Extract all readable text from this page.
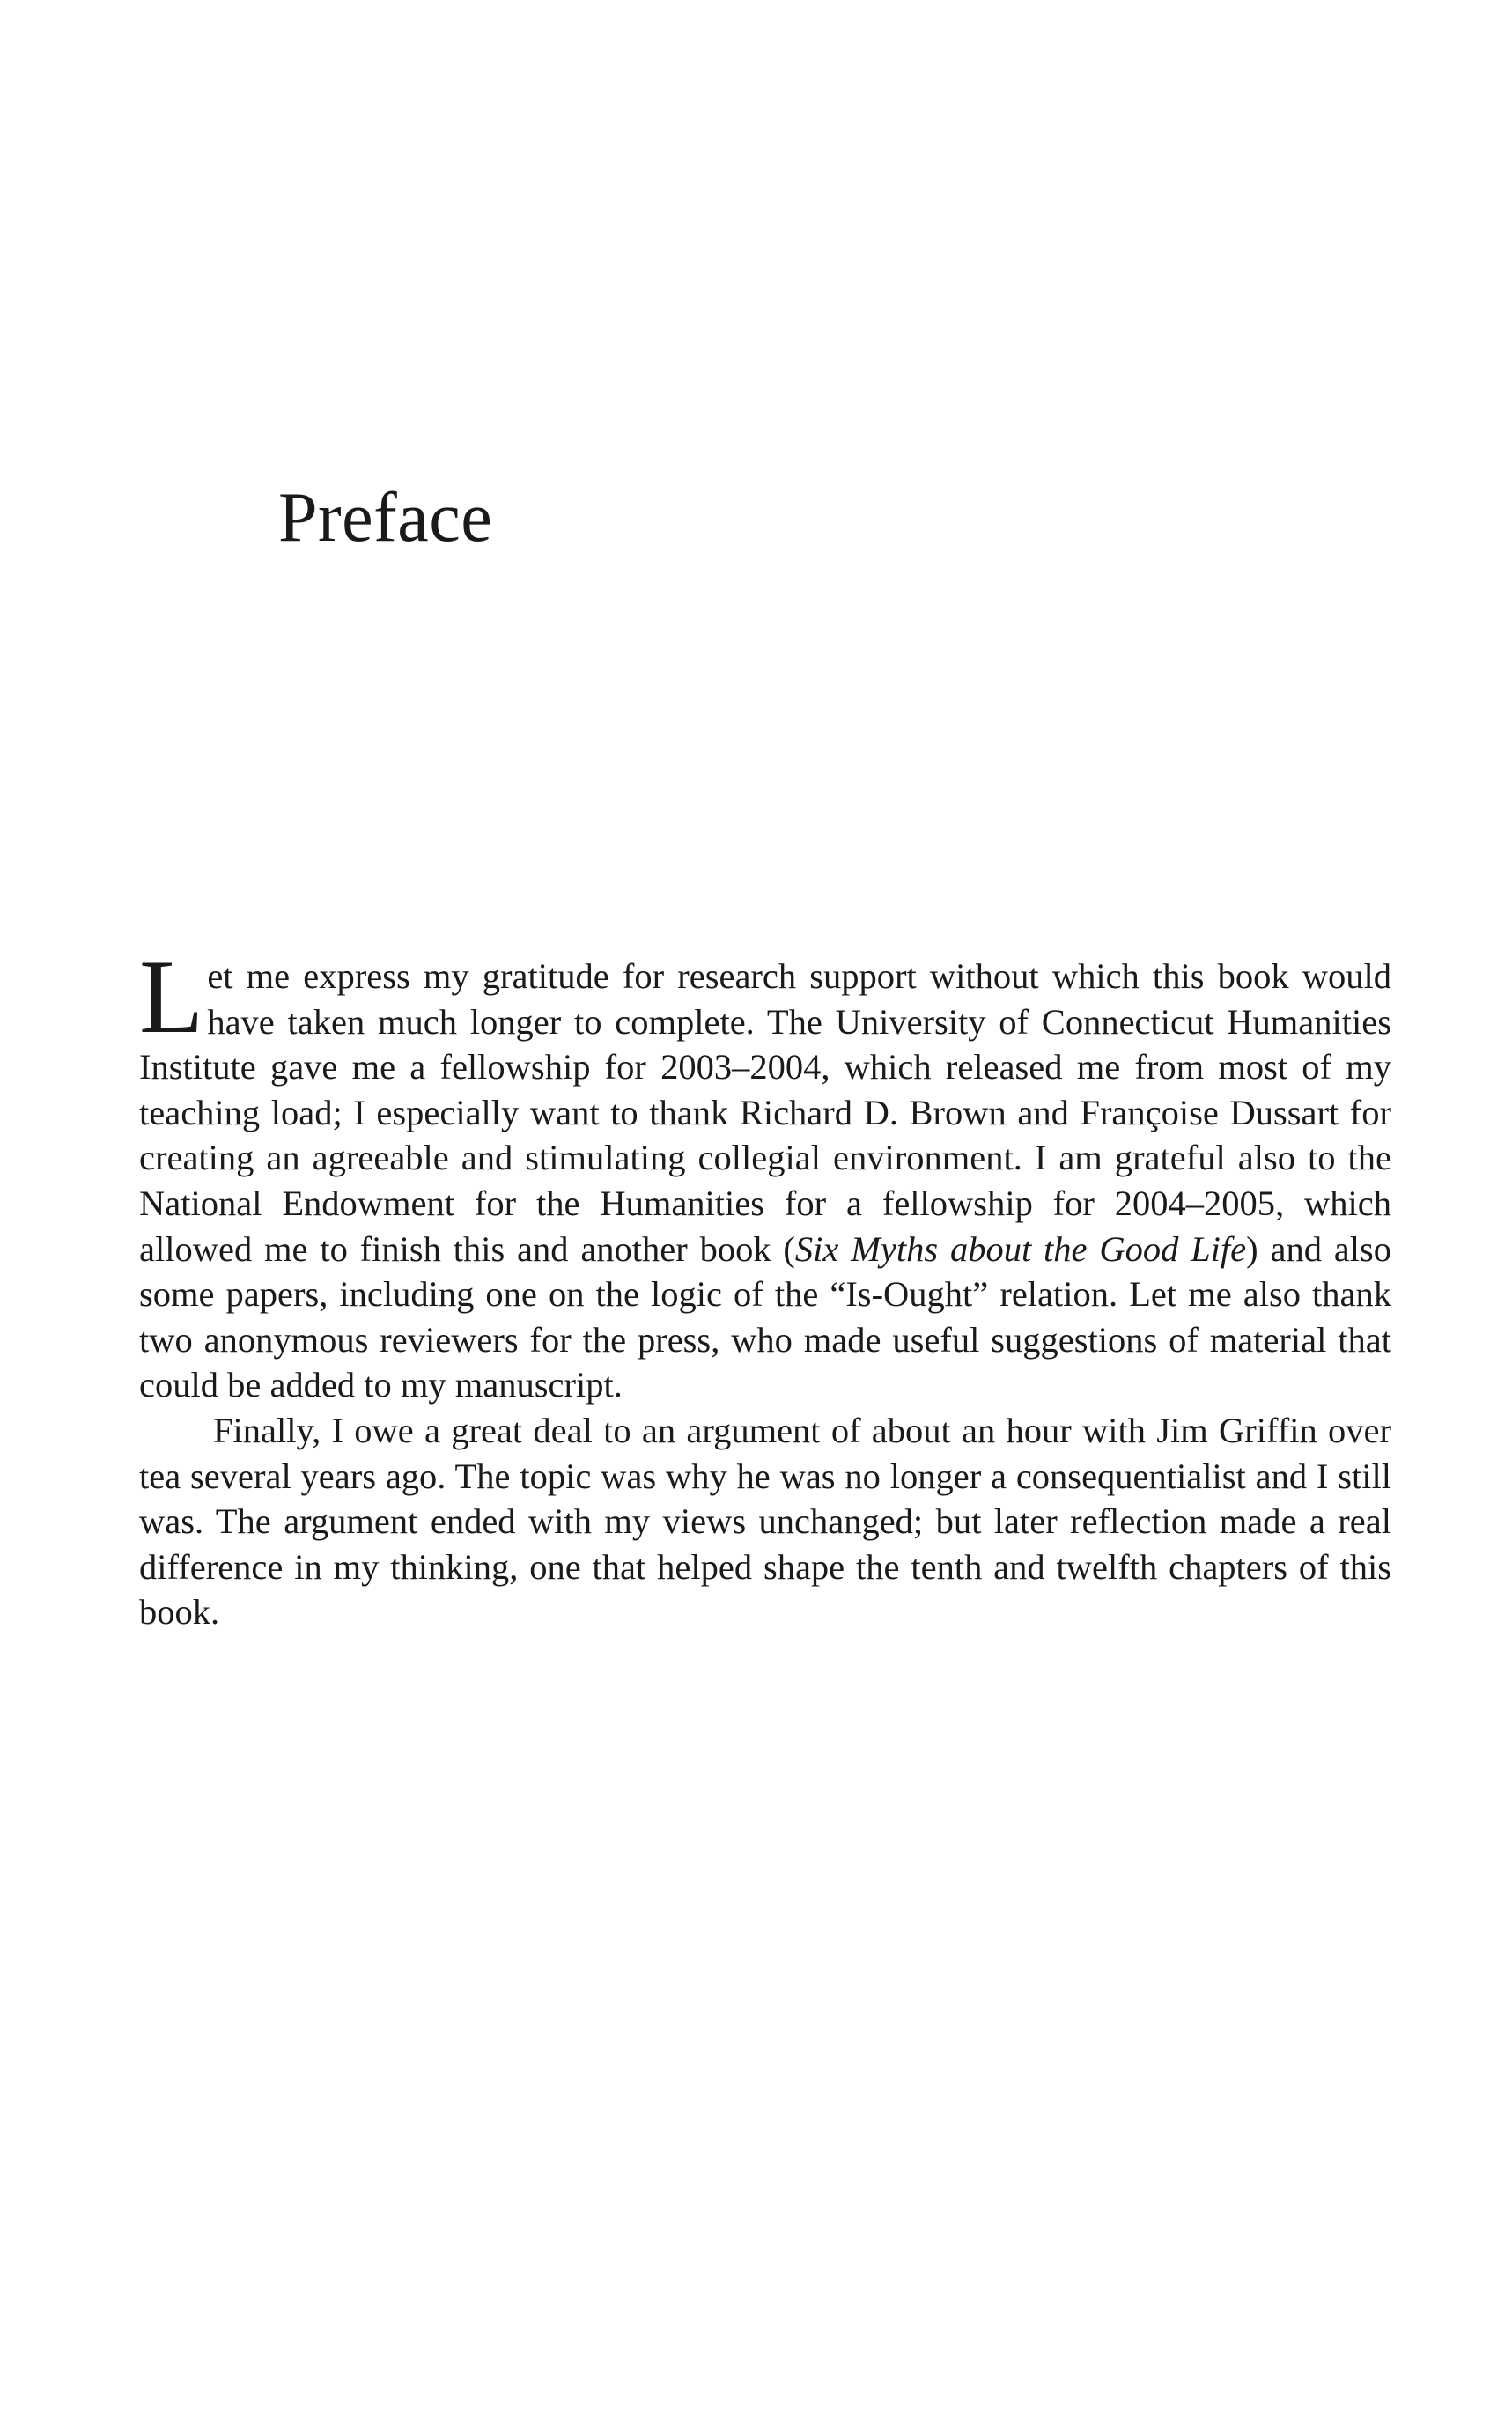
Preface

Let me express my gratitude for research support without which this book would have taken much longer to complete. The University of Connecticut Humanities Institute gave me a fellowship for 2003–2004, which released me from most of my teaching load; I especially want to thank Richard D. Brown and Françoise Dussart for creating an agreeable and stimulating collegial environment. I am grateful also to the National Endowment for the Humanities for a fellowship for 2004–2005, which allowed me to finish this and another book (Six Myths about the Good Life) and also some papers, including one on the logic of the “Is-Ought” relation. Let me also thank two anonymous reviewers for the press, who made useful suggestions of material that could be added to my manuscript.

Finally, I owe a great deal to an argument of about an hour with Jim Griffin over tea several years ago. The topic was why he was no longer a consequentialist and I still was. The argument ended with my views unchanged; but later reflection made a real difference in my thinking, one that helped shape the tenth and twelfth chapters of this book.
